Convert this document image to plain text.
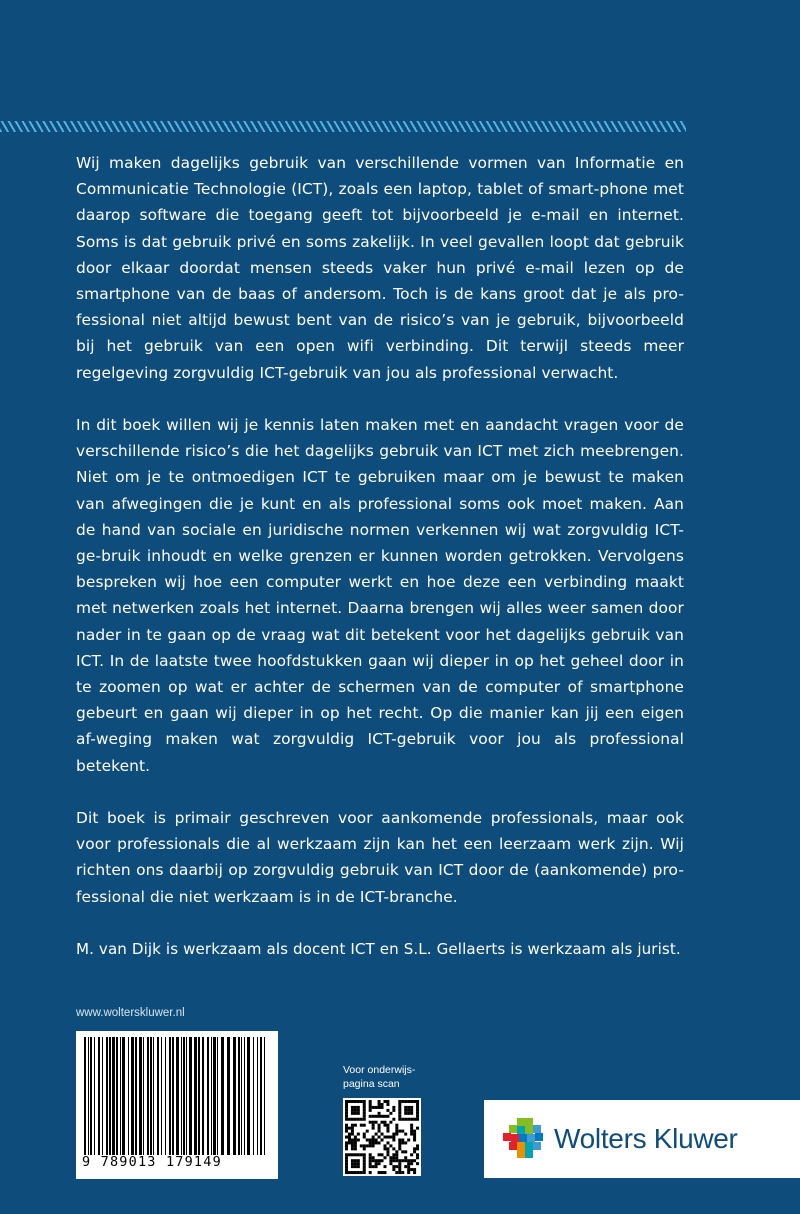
Wij maken dagelijks gebruik van verschillende vormen van Informatie en Communicatie Technologie (ICT), zoals een laptop, tablet of smart-phone met daarop software die toegang geeft tot bijvoorbeeld je e-mail en internet. Soms is dat gebruik privé en soms zakelijk. In veel gevallen loopt dat gebruik door elkaar doordat mensen steeds vaker hun privé e-mail lezen op de smartphone van de baas of andersom. Toch is de kans groot dat je als pro-fessional niet altijd bewust bent van de risico’s van je gebruik, bijvoorbeeld bij het gebruik van een open wifi verbinding. Dit terwijl steeds meer regelgeving zorgvuldig ICT-gebruik van jou als professional verwacht.

In dit boek willen wij je kennis laten maken met en aandacht vragen voor de verschillende risico’s die het dagelijks gebruik van ICT met zich meebrengen. Niet om je te ontmoedigen ICT te gebruiken maar om je bewust te maken van afwegingen die je kunt en als professional soms ook moet maken. Aan de hand van sociale en juridische normen verkennen wij wat zorgvuldig ICT-ge-bruik inhoudt en welke grenzen er kunnen worden getrokken. Vervolgens bespreken wij hoe een computer werkt en hoe deze een verbinding maakt met netwerken zoals het internet. Daarna brengen wij alles weer samen door nader in te gaan op de vraag wat dit betekent voor het dagelijks gebruik van ICT. In de laatste twee hoofdstukken gaan wij dieper in op het geheel door in te zoomen op wat er achter de schermen van de computer of smartphone gebeurt en gaan wij dieper in op het recht. Op die manier kan jij een eigen af-weging maken wat zorgvuldig ICT-gebruik voor jou als professional betekent.

Dit boek is primair geschreven voor aankomende professionals, maar ook voor professionals die al werkzaam zijn kan het een leerzaam werk zijn. Wij richten ons daarbij op zorgvuldig gebruik van ICT door de (aankomende) pro-fessional die niet werkzaam is in de ICT-branche.

M. van Dijk is werkzaam als docent ICT en S.L. Gellaerts is werkzaam als jurist.

www.wolterskluwer.nl
9 789013 179149
Voor onderwijs-
pagina scan
Wolters Kluwer
